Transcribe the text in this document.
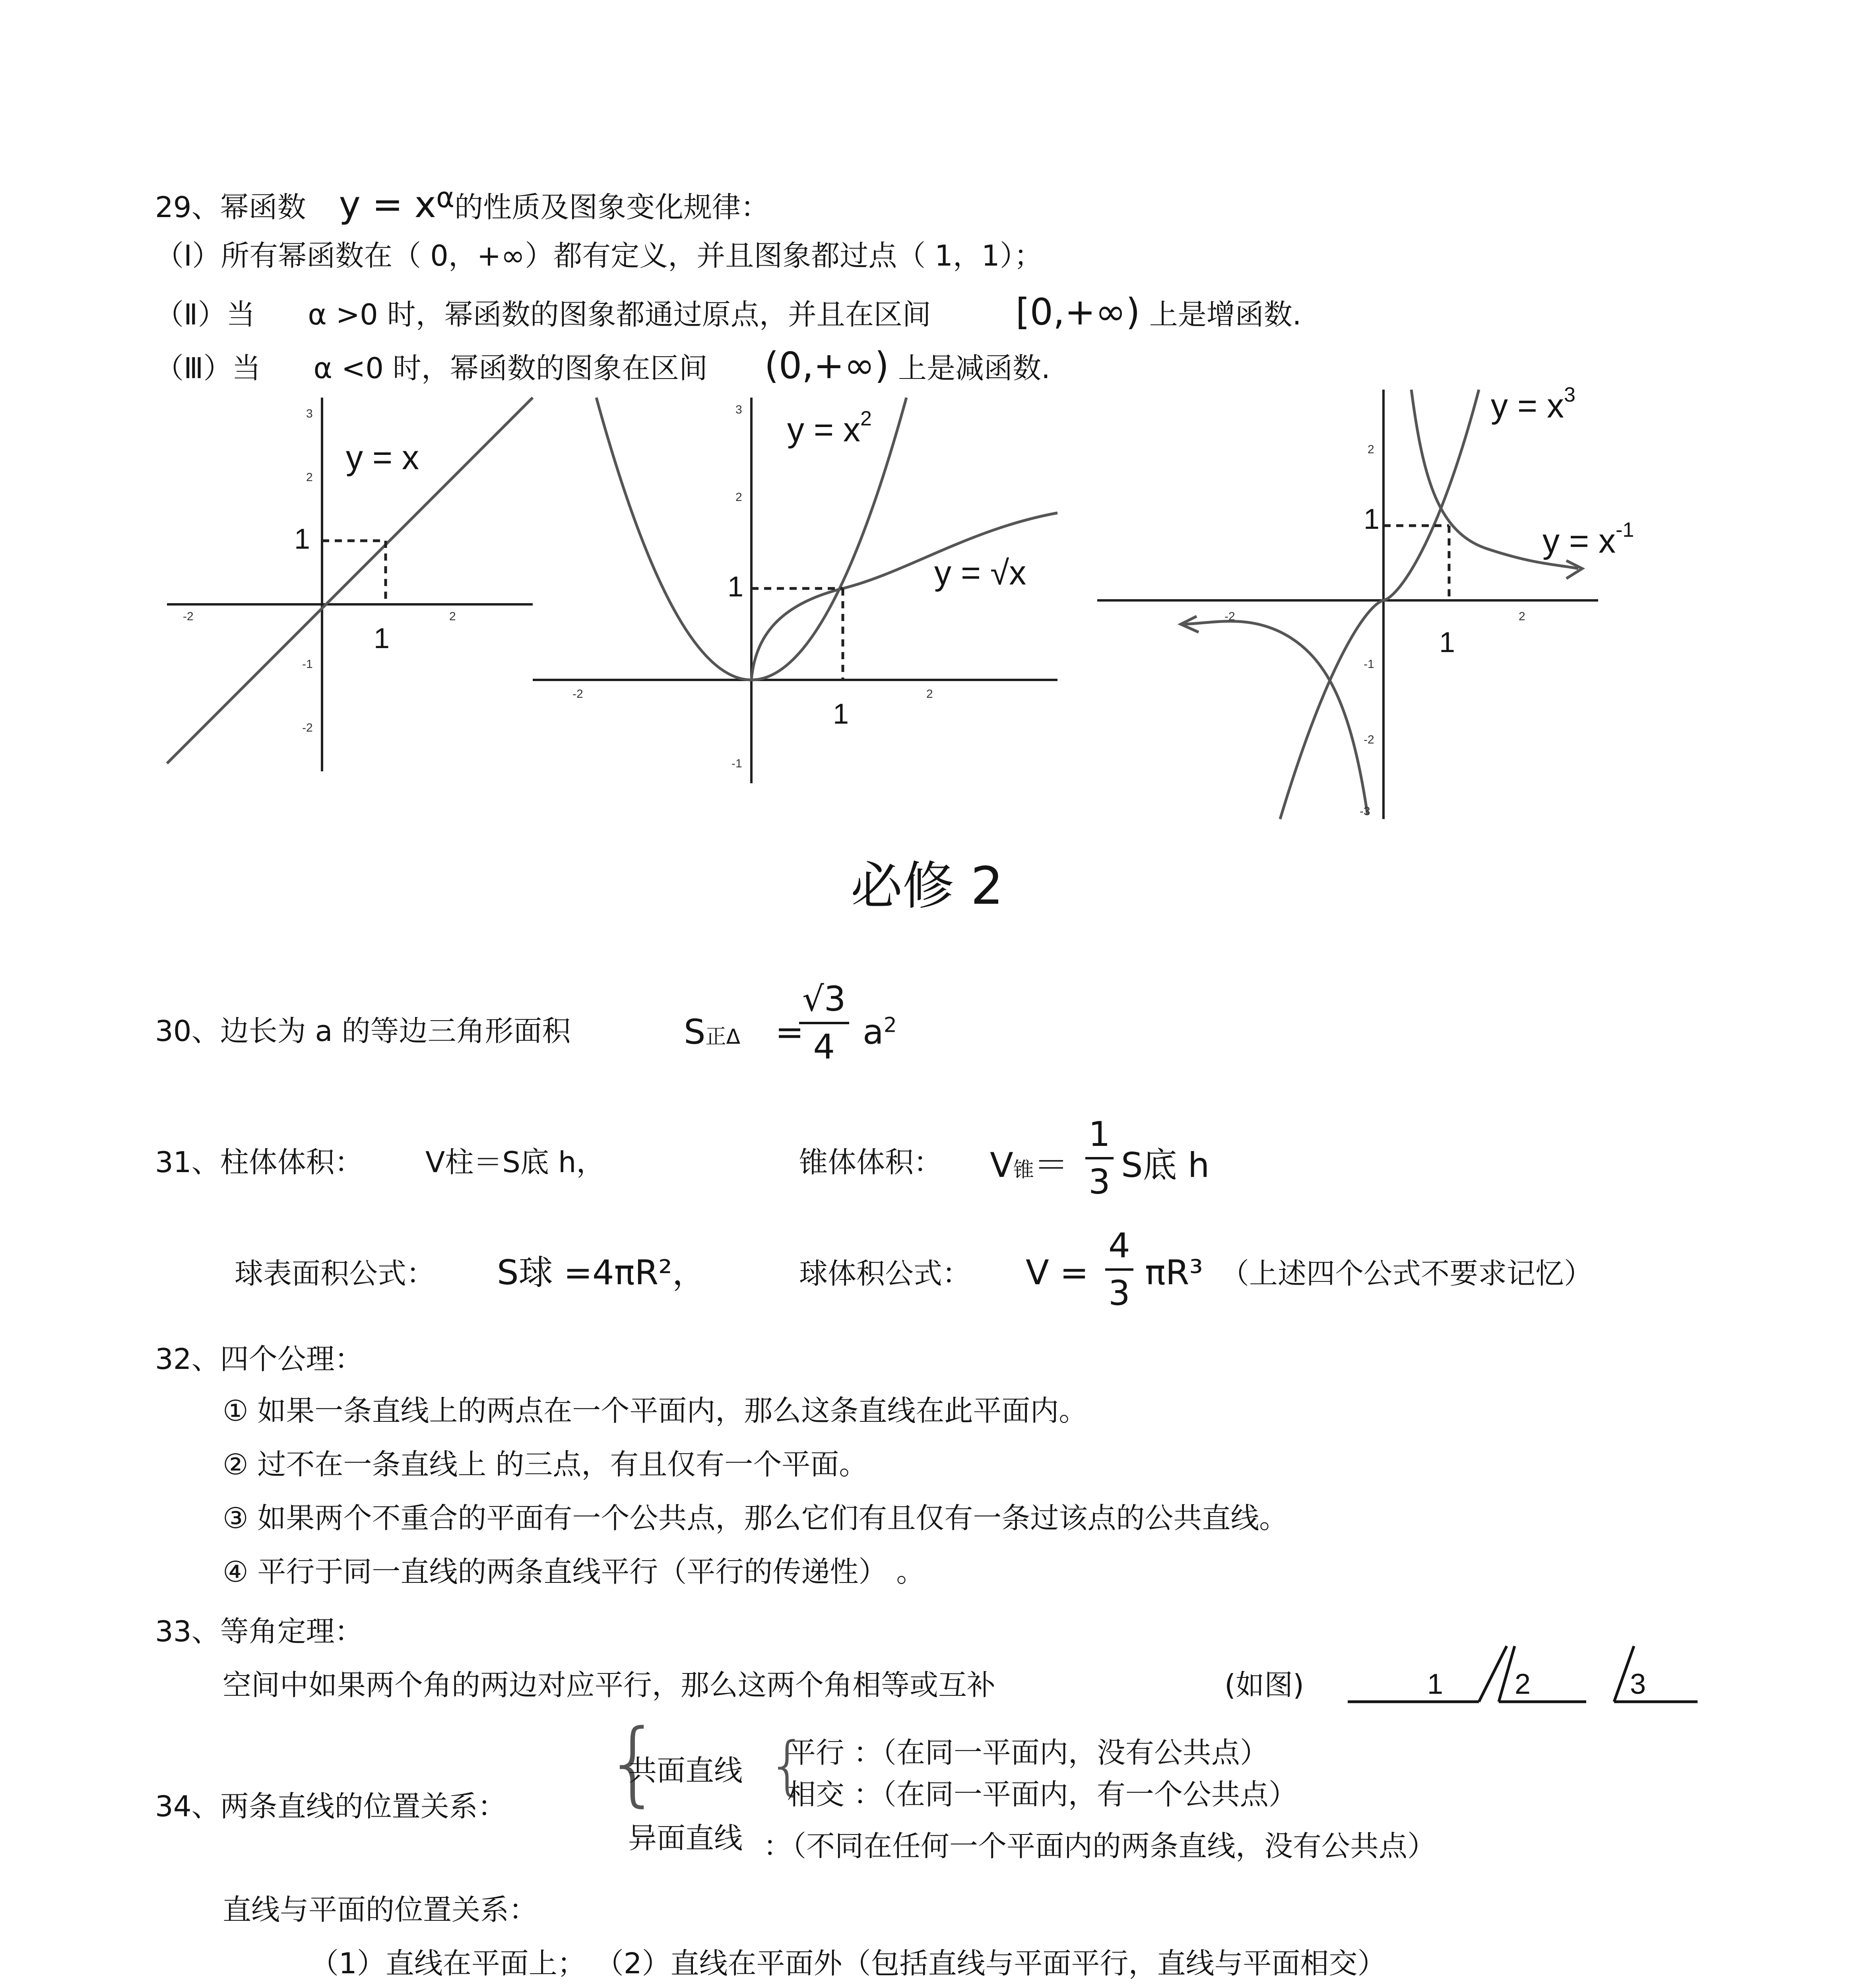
29、幂函数 $y = x^\alpha$的性质及图象变化规律：
（Ⅰ）所有幂函数在（ 0，+∞）都有定义，并且图象都过点（ 1，1）；
（Ⅱ）当 α >0 时，幂函数的图象都通过原点，并且在区间 [0,+∞) 上是增函数.
（Ⅲ）当 α <0 时，幂函数的图象在区间 (0,+∞) 上是减函数.
-2	2
3
2
-1
-2
y = x
1
1
-2	2
3
2
-1
$y = x^2$
y = √x
1
1
-2	2
2
-1
-2
-3
$y = x^3$
$y = x^{-1}$
1
1
必修 2
30、边长为 a 的等边三角形面积	S正Δ =
√3
4 $a^2$
31、柱体体积： V柱＝S底 h，	锥体体积： V锥＝
1
3 S底 h
球表面积公式： S球 =4πR²，	球体积公式： V =
4
3
πR³ （上述四个公式不要求记忆）
32、四个公理：
① 如果一条直线上的两点在一个平面内，那么这条直线在此平面内。
② 过不在一条直线上 的三点，有且仅有一个平面。
③ 如果两个不重合的平面有一个公共点，那么它们有且仅有一条过该点的公共直线。
④ 平行于同一直线的两条直线平行（平行的传递性） 。
33、等角定理：
空间中如果两个角的两边对应平行，那么这两个角相等或互补	(如图)	1 2	3
34、两条直线的位置关系： {
共面直线 {
平行 ：（在同一平面内，没有公共点）
相交 ：（在同一平面内，有一个公共点）
异面直线 ：（不同在任何一个平面内的两条直线，没有公共点）
直线与平面的位置关系：
（1）直线在平面上； （2）直线在平面外（包括直线与平面平行，直线与平面相交）
